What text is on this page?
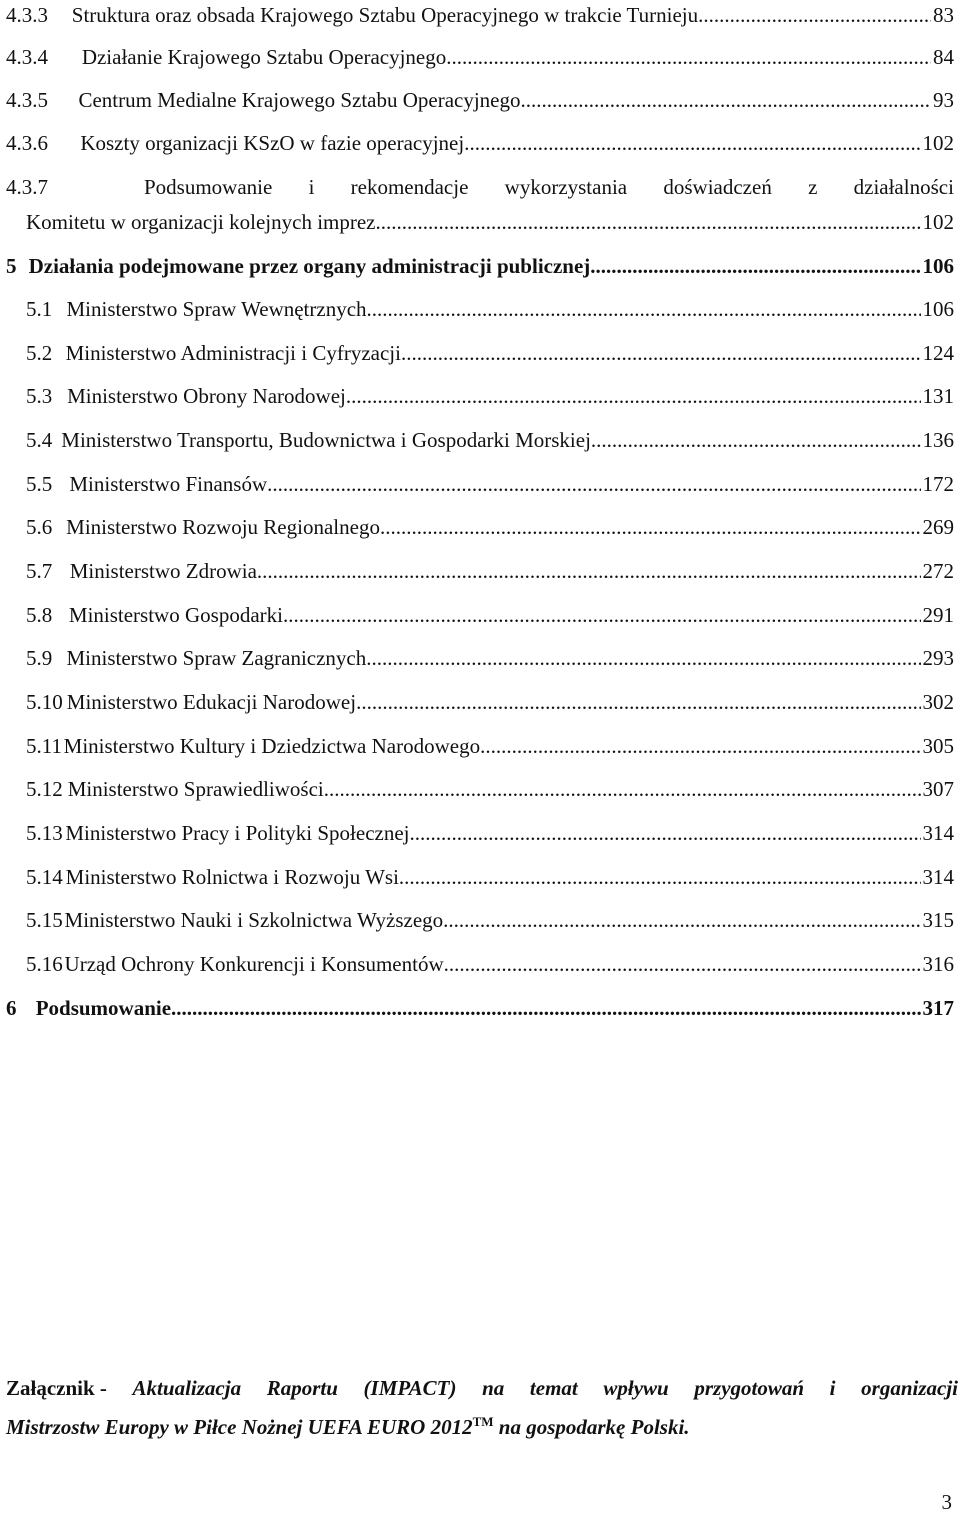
4.3.3	Struktura oraz obsada Krajowego Sztabu Operacyjnego w trakcie Turnieju .....	83
4.3.4	Działanie Krajowego Sztabu Operacyjnego. .....	84
4.3.5	Centrum Medialne Krajowego Sztabu Operacyjnego. .....	93
4.3.6	Koszty organizacji KSzO w fazie operacyjnej .....	102
4.3.7	Podsumowanie i rekomendacje wykorzystania doświadczeń z działalności
Komitetu w organizacji kolejnych imprez .....	102
5 Działania podejmowane przez organy administracji publicznej .....	106
5.1 Ministerstwo Spraw Wewnętrznych .....	106
5.2 Ministerstwo Administracji i Cyfryzacji .....	124
5.3 Ministerstwo Obrony Narodowej .....	131
5.4 Ministerstwo Transportu, Budownictwa i Gospodarki Morskiej .....	136
5.5 Ministerstwo Finansów .....	172
5.6 Ministerstwo Rozwoju Regionalnego .....	269
5.7 Ministerstwo Zdrowia .....	272
5.8 Ministerstwo Gospodarki .....	291
5.9 Ministerstwo Spraw Zagranicznych .....	293
5.10 Ministerstwo Edukacji Narodowej .....	302
5.11 Ministerstwo Kultury i Dziedzictwa Narodowego .....	305
5.12 Ministerstwo Sprawiedliwości .....	307
5.13 Ministerstwo Pracy i Polityki Społecznej .....	314
5.14 Ministerstwo Rolnictwa i Rozwoju Wsi .....	314
5.15 Ministerstwo Nauki i Szkolnictwa Wyższego .....	315
5.16 Urząd Ochrony Konkurencji i Konsumentów .....	316
6 Podsumowanie .....	317
Załącznik - Aktualizacja Raportu (IMPACT) na temat wpływu przygotowań i organizacji
Mistrzostw Europy w Piłce Nożnej UEFA EURO 2012™ na gospodarkę Polski.
3
